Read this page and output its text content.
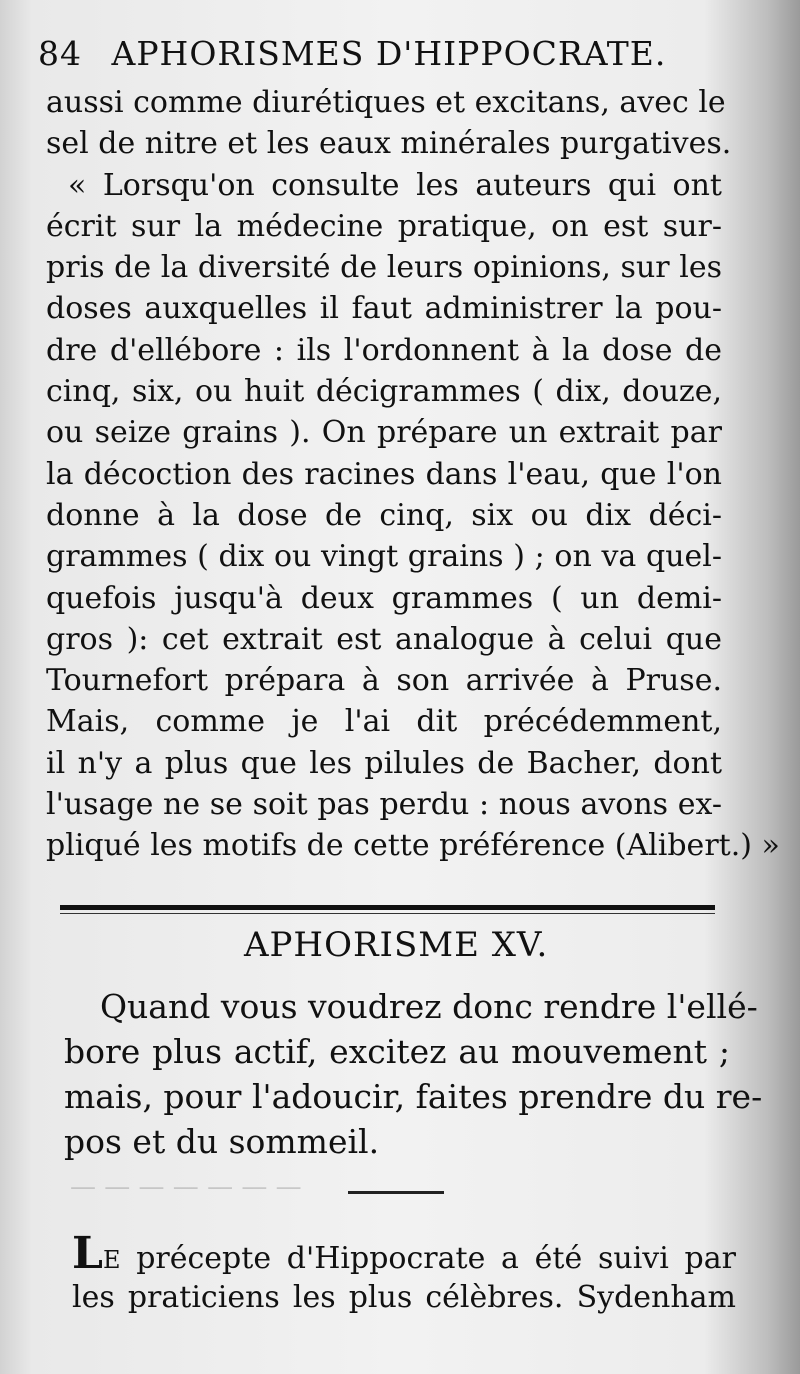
— — — — — — —
84 APHORISMES D'HIPPOCRATE.
aussi comme diurétiques et excitans, avec le
sel de nitre et les eaux minérales purgatives.
« Lorsqu'on consulte les auteurs qui ont
écrit sur la médecine pratique, on est sur-
pris de la diversité de leurs opinions, sur les
doses auxquelles il faut administrer la pou-
dre d'ellébore : ils l'ordonnent à la dose de
cinq, six, ou huit décigrammes ( dix, douze,
ou seize grains ). On prépare un extrait par
la décoction des racines dans l'eau, que l'on
donne à la dose de cinq, six ou dix déci-
grammes ( dix ou vingt grains ) ; on va quel-
quefois jusqu'à deux grammes ( un demi-
gros ): cet extrait est analogue à celui que
Tournefort prépara à son arrivée à Pruse.
Mais, comme je l'ai dit précédemment,
il n'y a plus que les pilules de Bacher, dont
l'usage ne se soit pas perdu : nous avons ex-
pliqué les motifs de cette préférence (Alibert.) »
APHORISME XV.
Quand vous voudrez donc rendre l'ellé-
bore plus actif, excitez au mouvement ;
mais, pour l'adoucir, faites prendre du re-
pos et du sommeil.
LE précepte d'Hippocrate a été suivi par
les praticiens les plus célèbres. Sydenham
